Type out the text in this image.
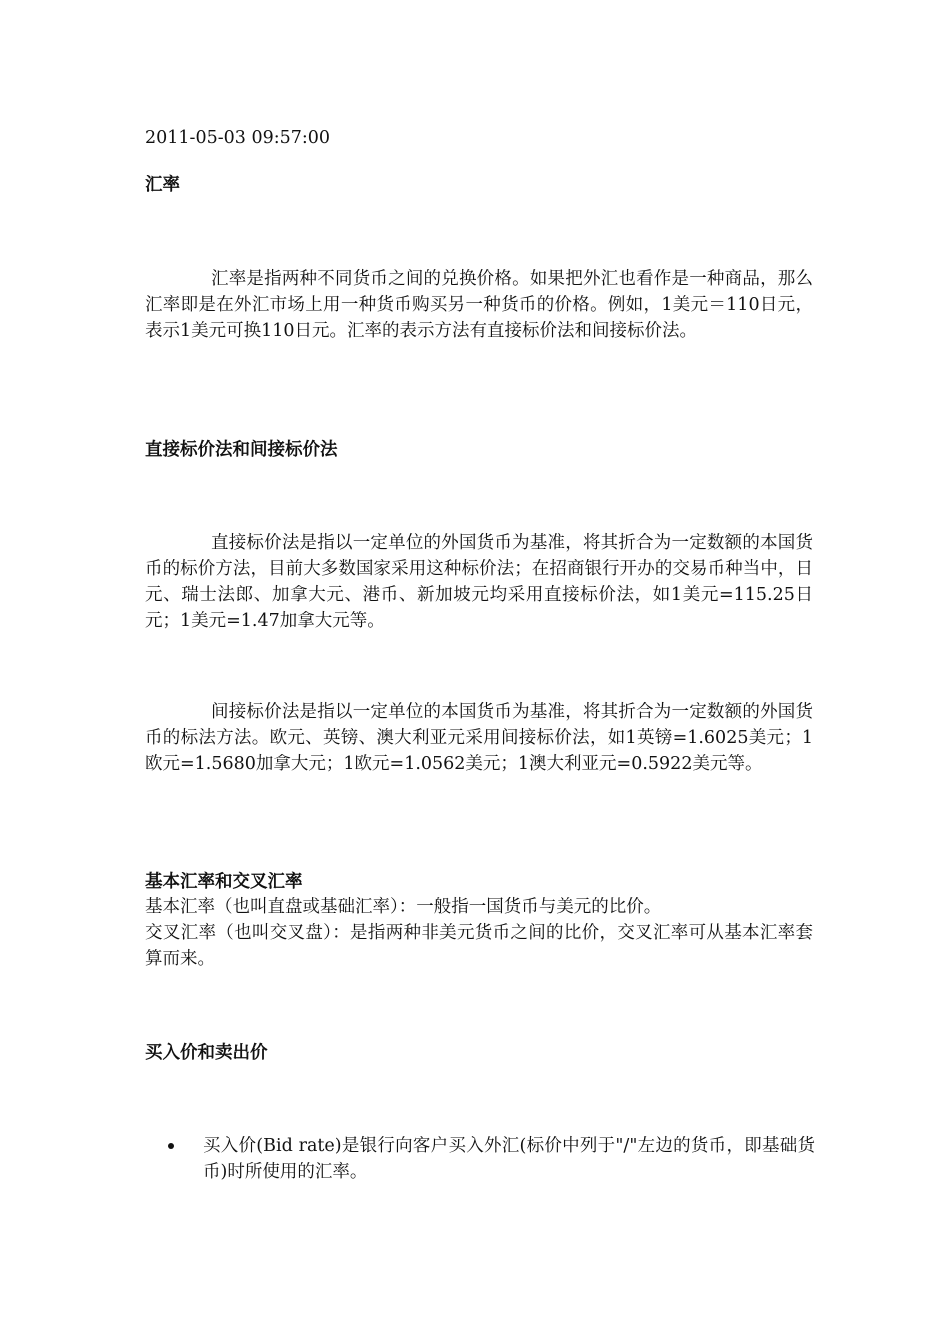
2011-05-03 09:57:00
汇率

汇率是指两种不同货币之间的兑换价格。如果把外汇也看作是一种商品，那么汇率即是在外汇市场上用一种货币购买另一种货币的价格。例如，1美元＝110日元，表示1美元可换110日元。汇率的表示方法有直接标价法和间接标价法。

直接标价法和间接标价法

直接标价法是指以一定单位的外国货币为基准，将其折合为一定数额的本国货币的标价方法，目前大多数国家采用这种标价法；在招商银行开办的交易币种当中，日元、瑞士法郎、加拿大元、港币、新加坡元均采用直接标价法，如1美元=115.25日元；1美元=1.47加拿大元等。

间接标价法是指以一定单位的本国货币为基准，将其折合为一定数额的外国货币的标法方法。欧元、英镑、澳大利亚元采用间接标价法，如1英镑=1.6025美元；1欧元=1.5680加拿大元；1欧元=1.0562美元；1澳大利亚元=0.5922美元等。

基本汇率和交叉汇率

基本汇率（也叫直盘或基础汇率）：一般指一国货币与美元的比价。

交叉汇率（也叫交叉盘）：是指两种非美元货币之间的比价，交叉汇率可从基本汇率套算而来。

买入价和卖出价
买入价(Bid rate)是银行向客户买入外汇(标价中列于"/"左边的货币，即基础货币)时所使用的汇率。
